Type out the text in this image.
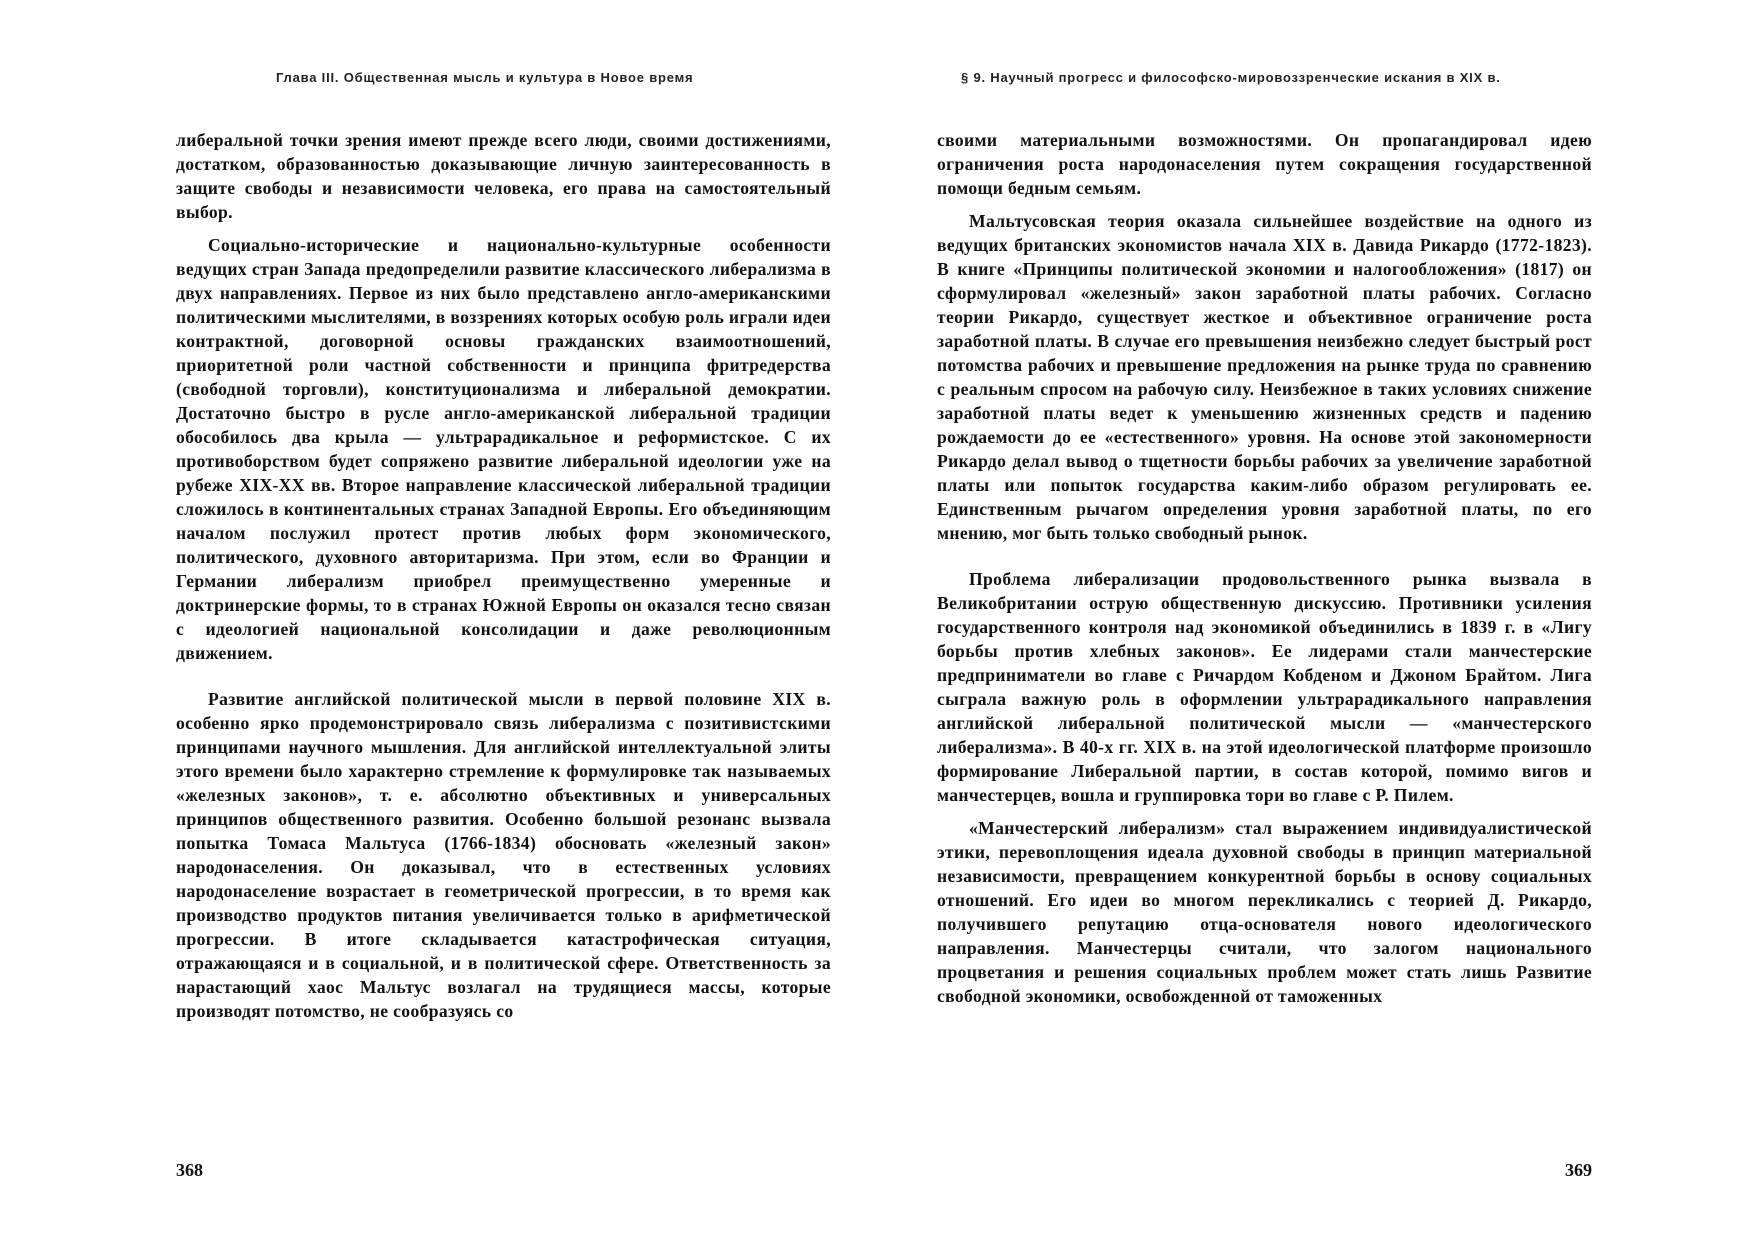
Глава III. Общественная мысль и культура в Новое время

либеральной точки зрения имеют прежде всего люди, своими достижениями, достатком, образованностью доказывающие личную заинтересованность в защите свободы и независимости человека, его права на самостоятельный выбор.

Социально-исторические и национально-культурные особенности ведущих стран Запада предопределили развитие классического либерализма в двух направлениях. Первое из них было представлено англо-американскими политическими мыслителями, в воззрениях которых особую роль играли идеи контрактной, договорной основы гражданских взаимоотношений, приоритетной роли частной собственности и принципа фритредерства (свободной торговли), конституционализма и либеральной демократии. Достаточно быстро в русле англо-американской либеральной традиции обособилось два крыла — ультрарадикальное и реформистское. С их противоборством будет сопряжено развитие либеральной идеологии уже на рубеже XIX-XX вв. Второе направление классической либеральной традиции сложилось в континентальных странах Западной Европы. Его объединяющим началом послужил протест против любых форм экономического, политического, духовного авторитаризма. При этом, если во Франции и Германии либерализм приобрел преимущественно умеренные и доктринерские формы, то в странах Южной Европы он оказался тесно связан с идеологией национальной консолидации и даже революционным движением.

Развитие английской политической мысли в первой половине XIX в. особенно ярко продемонстрировало связь либерализма с позитивистскими принципами научного мышления. Для английской интеллектуальной элиты этого времени было характерно стремление к формулировке так называемых «железных законов», т. е. абсолютно объективных и универсальных принципов общественного развития. Особенно большой резонанс вызвала попытка Томаса Мальтуса (1766-1834) обосновать «железный закон» народонаселения. Он доказывал, что в естественных условиях народонаселение возрастает в геометрической прогрессии, в то время как производство продуктов питания увеличивается только в арифметической прогрессии. В итоге складывается катастрофическая ситуация, отражающаяся и в социальной, и в политической сфере. Ответственность за нарастающий хаос Мальтус возлагал на трудящиеся массы, которые производят потомство, не сообразуясь со

368
§ 9. Научный прогресс и философско-мировоззренческие искания в XIX в.

своими материальными возможностями. Он пропагандировал идею ограничения роста народонаселения путем сокращения государственной помощи бедным семьям.

Мальтусовская теория оказала сильнейшее воздействие на одного из ведущих британских экономистов начала XIX в. Давида Рикардо (1772-1823). В книге «Принципы политической экономии и налогообложения» (1817) он сформулировал «железный» закон заработной платы рабочих. Согласно теории Рикардо, существует жесткое и объективное ограничение роста заработной платы. В случае его превышения неизбежно следует быстрый рост потомства рабочих и превышение предложения на рынке труда по сравнению с реальным спросом на рабочую силу. Неизбежное в таких условиях снижение заработной платы ведет к уменьшению жизненных средств и падению рождаемости до ее «естественного» уровня. На основе этой закономерности Рикардо делал вывод о тщетности борьбы рабочих за увеличение заработной платы или попыток государства каким-либо образом регулировать ее. Единственным рычагом определения уровня заработной платы, по его мнению, мог быть только свободный рынок.

Проблема либерализации продовольственного рынка вызвала в Великобритании острую общественную дискуссию. Противники усиления государственного контроля над экономикой объединились в 1839 г. в «Лигу борьбы против хлебных законов». Ее лидерами стали манчестерские предприниматели во главе с Ричардом Кобденом и Джоном Брайтом. Лига сыграла важную роль в оформлении ультрарадикального направления английской либеральной политической мысли — «манчестерского либерализма». В 40-х гг. XIX в. на этой идеологической платформе произошло формирование Либеральной партии, в состав которой, помимо вигов и манчестерцев, вошла и группировка тори во главе с Р. Пилем.

«Манчестерский либерализм» стал выражением индивидуалистической этики, перевоплощения идеала духовной свободы в принцип материальной независимости, превращением конкурентной борьбы в основу социальных отношений. Его идеи во многом перекликались с теорией Д. Рикардо, получившего репутацию отца-основателя нового идеологического направления. Манчестерцы считали, что залогом национального процветания и решения социальных проблем может стать лишь Развитие свободной экономики, освобожденной от таможенных

369
